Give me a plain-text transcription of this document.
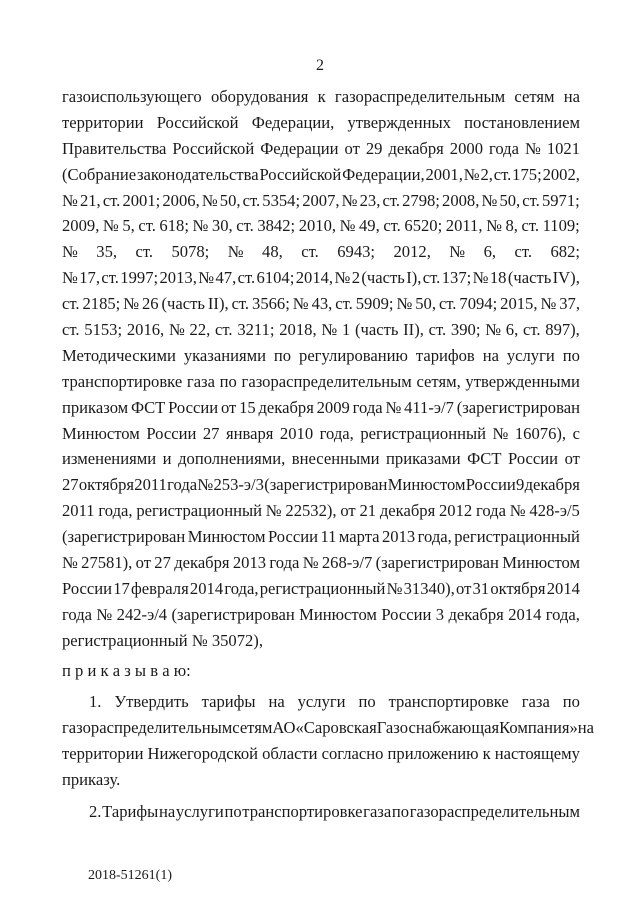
2
газоиспользующего оборудования к газораспределительным сетям на
территории Российской Федерации, утвержденных постановлением
Правительства Российской Федерации от 29 декабря 2000 года № 1021
(Собрание законодательства Российской Федерации, 2001, № 2, ст. 175; 2002,
№ 21, ст. 2001; 2006, № 50, ст. 5354; 2007, № 23, ст. 2798; 2008, № 50, ст. 5971;
2009, № 5, ст. 618; № 30, ст. 3842; 2010, № 49, ст. 6520; 2011, № 8, ст. 1109;
№ 35, ст. 5078; № 48, ст. 6943; 2012, № 6, ст. 682;
№ 17, ст. 1997; 2013, № 47, ст. 6104; 2014, № 2 (часть I), ст. 137; № 18 (часть IV),
ст. 2185; № 26 (часть II), ст. 3566; № 43, ст. 5909; № 50, ст. 7094; 2015, № 37,
ст. 5153; 2016, № 22, ст. 3211; 2018, № 1 (часть II), ст. 390; № 6, ст. 897),
Методическими указаниями по регулированию тарифов на услуги по
транспортировке газа по газораспределительным сетям, утвержденными
приказом ФСТ России от 15 декабря 2009 года № 411-э/7 (зарегистрирован
Минюстом России 27 января 2010 года, регистрационный № 16076), с
изменениями и дополнениями, внесенными приказами ФСТ России от
27 октября 2011 года № 253-э/3 (зарегистрирован Минюстом России 9 декабря
2011 года, регистрационный № 22532), от 21 декабря 2012 года № 428-э/5
(зарегистрирован Минюстом России 11 марта 2013 года, регистрационный
№ 27581), от 27 декабря 2013 года № 268-э/7 (зарегистрирован Минюстом
России 17 февраля 2014 года, регистрационный № 31340), от 31 октября 2014
года № 242-э/4 (зарегистрирован Минюстом России 3 декабря 2014 года,
регистрационный № 35072),
п р и к а з ы в а ю:
1. Утвердить тарифы на услуги по транспортировке газа по
газораспределительным сетям АО «Саровская Газоснабжающая Компания» на
территории Нижегородской области согласно приложению к настоящему
приказу.
2. Тарифы на услуги по транспортировке газа по газораспределительным
2018-51261(1)
